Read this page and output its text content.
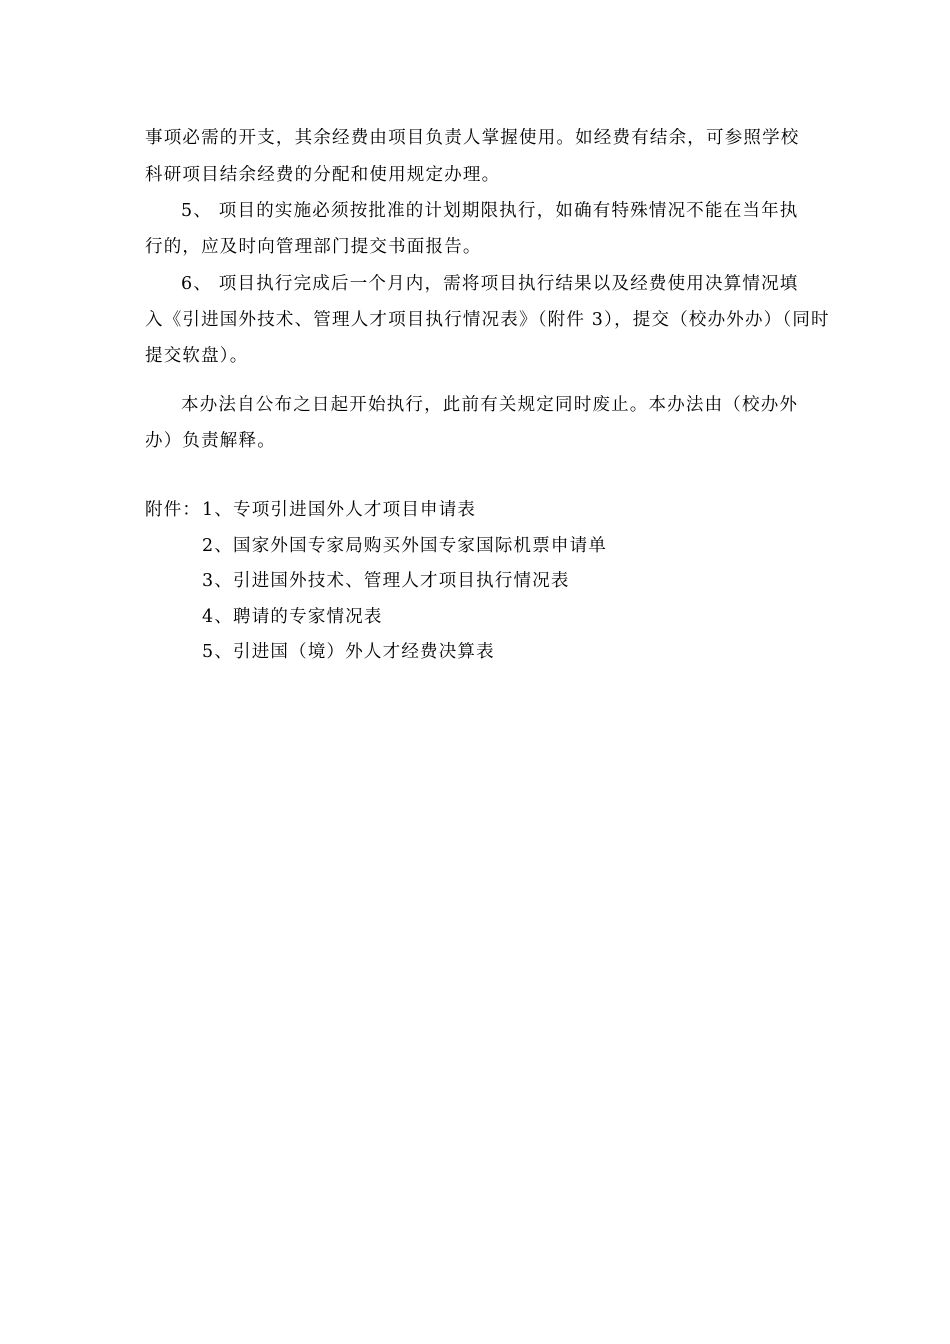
事项必需的开支，其余经费由项目负责人掌握使用。如经费有结余，可参照学校
科研项目结余经费的分配和使用规定办理。
5、 项目的实施必须按批准的计划期限执行，如确有特殊情况不能在当年执
行的，应及时向管理部门提交书面报告。
6、 项目执行完成后一个月内，需将项目执行结果以及经费使用决算情况填
入《引进国外技术、管理人才项目执行情况表》（附件 3），提交（校办外办）（同时
提交软盘）。
本办法自公布之日起开始执行，此前有关规定同时废止。本办法由（校办外
办）负责解释。
附件： 1、专项引进国外人才项目申请表
2、国家外国专家局购买外国专家国际机票申请单
3、引进国外技术、管理人才项目执行情况表
4、聘请的专家情况表
5、引进国（境）外人才经费决算表
